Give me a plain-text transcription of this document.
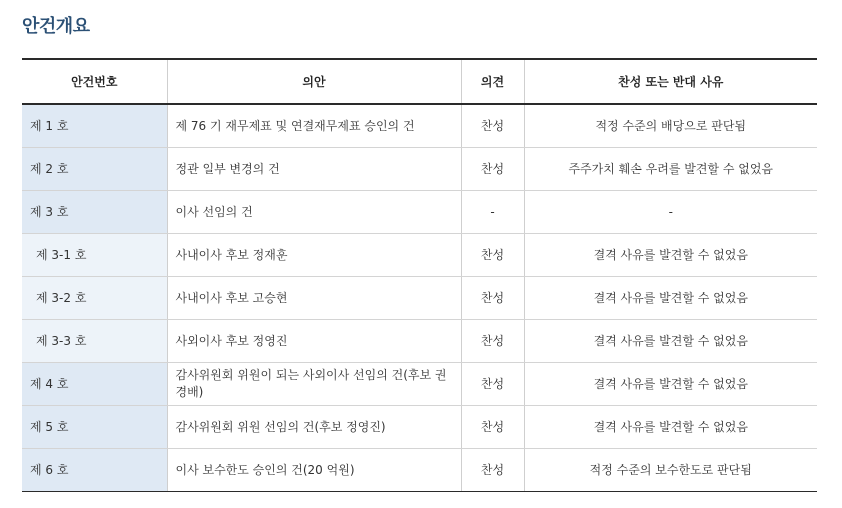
안건개요
안건번호	의안	의견	찬성 또는 반대 사유
제 1 호	제 76 기 재무제표 및 연결재무제표 승인의 건	찬성	적정 수준의 배당으로 판단됨
제 2 호	정관 일부 변경의 건	찬성	주주가치 훼손 우려를 발견할 수 없었음
제 3 호	이사 선임의 건	-	-
제 3-1 호	사내이사 후보 정재훈	찬성	결격 사유를 발견할 수 없었음
제 3-2 호	사내이사 후보 고승현	찬성	결격 사유를 발견할 수 없었음
제 3-3 호	사외이사 후보 정영진	찬성	결격 사유를 발견할 수 없었음
제 4 호	감사위원회 위원이 되는 사외이사 선임의 건(후보 권경배)	찬성	결격 사유를 발견할 수 없었음
제 5 호	감사위원회 위원 선임의 건(후보 정영진)	찬성	결격 사유를 발견할 수 없었음
제 6 호	이사 보수한도 승인의 건(20 억원)	찬성	적정 수준의 보수한도로 판단됨
